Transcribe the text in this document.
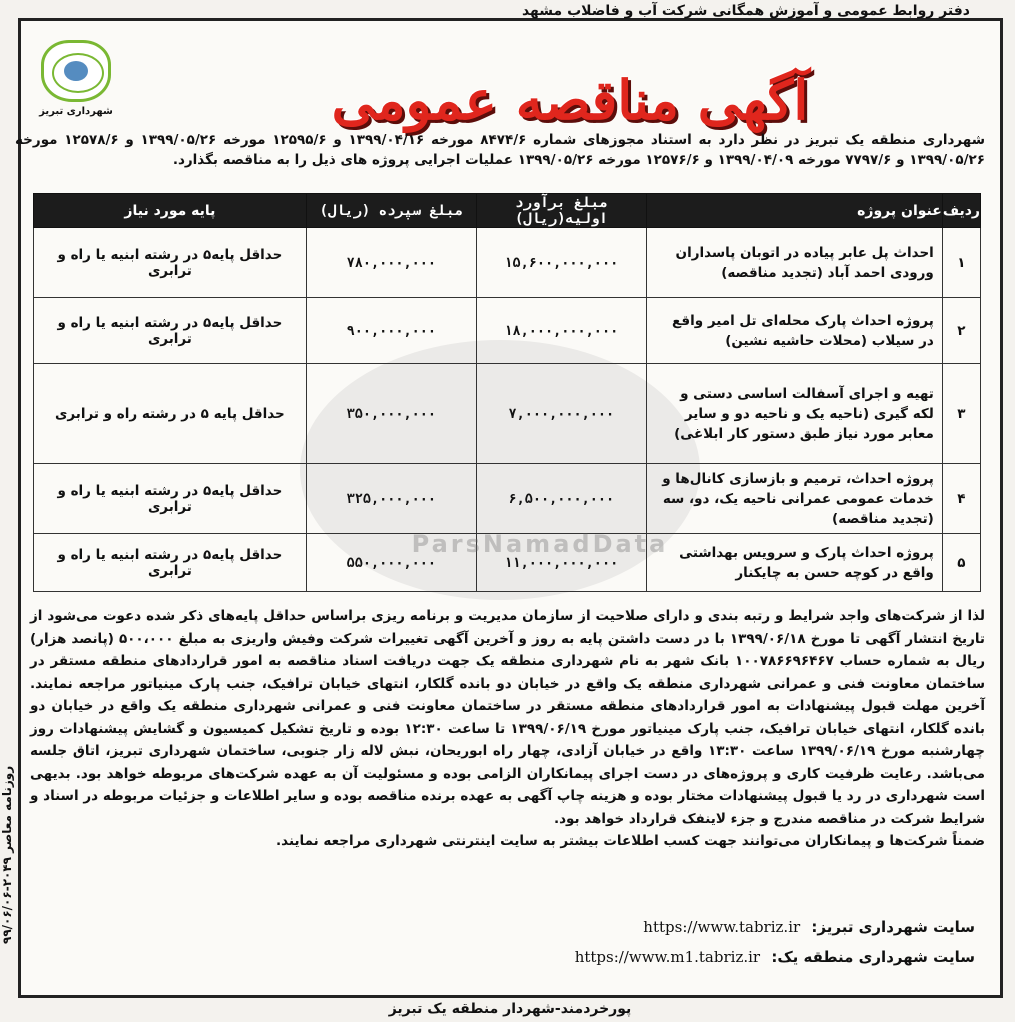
دفتر روابط عمومی و آموزش همگانی شرکت آب و فاضلاب مشهد
شهرداری تبریز	آگهی مناقصه عمومی
شهرداری منطقه یک تبریز در نظر دارد به استناد مجوزهای شماره ۸۴۷۴/۶ مورخه ۱۳۹۹/۰۴/۱۶ و ۱۲۵۹۵/۶ مورخه ۱۳۹۹/۰۵/۲۶ و ۱۲۵۷۸/۶ مورخه ۱۳۹۹/۰۵/۲۶ و ۷۷۹۷/۶ مورخه ۱۳۹۹/۰۴/۰۹ و ۱۲۵۷۶/۶ مورخه ۱۳۹۹/۰۵/۲۶ عملیات اجرایی پروژه های ذیل را به مناقصه بگذارد.
ردیف	عنوان پروژه	مبلغ برآورد اولیه(ریال)	مبلغ سپرده (ریال)	پایه مورد نیاز
۱	احداث پل عابر پیاده در اتوبان پاسداران ورودی احمد آباد (تجدید مناقصه)	۱۵,۶۰۰,۰۰۰,۰۰۰	۷۸۰,۰۰۰,۰۰۰	حداقل پایه۵ در رشته ابنیه یا راه و ترابری
۲	پروژه احداث پارک محله‌ای تل امیر واقع در سیلاب (محلات حاشیه نشین)	۱۸,۰۰۰,۰۰۰,۰۰۰	۹۰۰,۰۰۰,۰۰۰	حداقل پایه۵ در رشته ابنیه یا راه و ترابری
۳	تهیه و اجرای آسفالت اساسی دستی و لکه گیری (ناحیه یک و ناحیه دو و سایر معابر مورد نیاز طبق دستور کار ابلاغی)	۷,۰۰۰,۰۰۰,۰۰۰	۳۵۰,۰۰۰,۰۰۰	حداقل پایه ۵ در رشته راه و ترابری
۴	پروژه احداث، ترمیم و بازسازی کانال‌ها و خدمات عمومی عمرانی ناحیه یک، دو، سه (تجدید مناقصه)	۶,۵۰۰,۰۰۰,۰۰۰	۳۲۵,۰۰۰,۰۰۰	حداقل پایه۵ در رشته ابنیه یا راه و ترابری
۵	پروژه احداث پارک و سرویس بهداشتی واقع در کوچه حسن به چایکنار	۱۱,۰۰۰,۰۰۰,۰۰۰	۵۵۰,۰۰۰,۰۰۰	حداقل پایه۵ در رشته ابنیه یا راه و ترابری
ParsNamadData

لذا از شرکت‌های واجد شرایط و رتبه بندی و دارای صلاحیت از سازمان مدیریت و برنامه ریزی براساس حداقل پایه‌های ذکر شده دعوت می‌شود از تاریخ انتشار آگهی تا مورخ ۱۳۹۹/۰۶/۱۸ با در دست داشتن پایه به روز و آخرین آگهی تغییرات شرکت وفیش واریزی به مبلغ ۵۰۰،۰۰۰ (پانصد هزار) ریال به شماره حساب ۱۰۰۷۸۶۶۹۶۴۶۷ بانک شهر به نام شهرداری منطقه یک جهت دریافت اسناد مناقصه به امور قراردادهای منطقه مستقر در ساختمان معاونت فنی و عمرانی شهرداری منطقه یک واقع در خیابان دو بانده گلکار، انتهای خیابان ترافیک، جنب پارک مینیاتور مراجعه نمایند. آخرین مهلت قبول پیشنهادات به امور قراردادهای منطقه مستقر در ساختمان معاونت فنی و عمرانی شهرداری منطقه یک واقع در خیابان دو بانده گلکار، انتهای خیابان ترافیک، جنب پارک مینیاتور مورخ ۱۳۹۹/۰۶/۱۹ تا ساعت ۱۲:۳۰ بوده و تاریخ تشکیل کمیسیون و گشایش پیشنهادات روز چهارشنبه مورخ ۱۳۹۹/۰۶/۱۹ ساعت ۱۳:۳۰ واقع در خیابان آزادی، چهار راه ابوریحان، نبش لاله زار جنوبی، ساختمان شهرداری تبریز، اتاق جلسه می‌باشد. رعایت ظرفیت کاری و پروژه‌های در دست اجرای پیمانکاران الزامی بوده و مسئولیت آن به عهده شرکت‌های مربوطه خواهد بود. بدیهی است شهرداری در رد یا قبول پیشنهادات مختار بوده و هزینه چاپ آگهی به عهده برنده مناقصه بوده و سایر اطلاعات و جزئیات مربوطه در اسناد و شرایط شرکت در مناقصه مندرج و جزء لاینفک قرارداد خواهد بود.

ضمناً شرکت‌ها و پیمانکاران می‌توانند جهت کسب اطلاعات بیشتر به سایت اینترنتی شهرداری مراجعه نمایند.

سایت شهرداری تبریز: https://www.tabriz.ir
سایت شهرداری منطقه یک: https://www.m1.tabriz.ir
روزنامه معاصر ۲۰۴۹-۹۹/۰۶/۰۶
پورخردمند-شهردار منطقه یک تبریز
